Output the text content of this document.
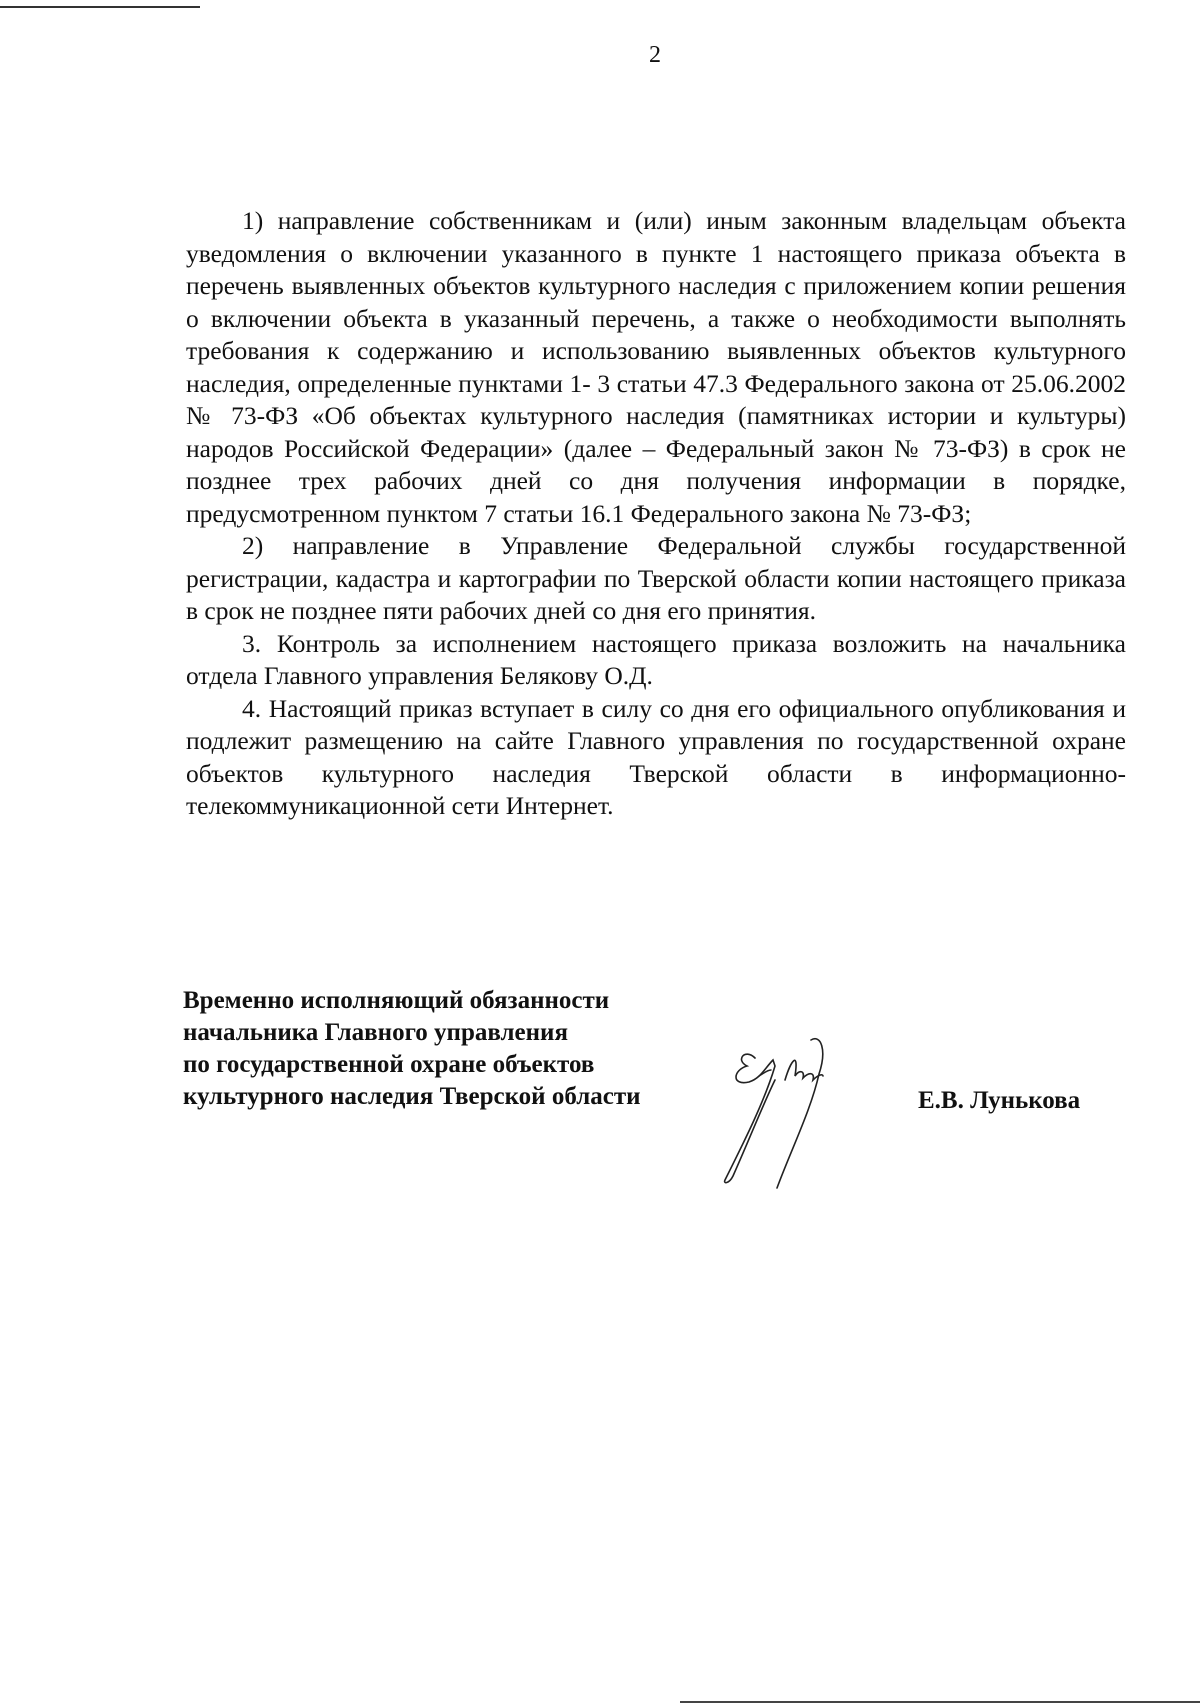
2

1) направление собственникам и (или) иным законным владельцам объекта уведомления о включении указанного в пункте 1 настоящего приказа объекта в перечень выявленных объектов культурного наследия с приложением копии решения о включении объекта в указанный перечень, а также о необходимости выполнять требования к содержанию и использованию выявленных объектов культурного наследия, определенные пунктами 1- 3 статьи 47.3 Федерального закона от 25.06.2002 № 73-ФЗ «Об объектах культурного наследия (памятниках истории и культуры) народов Российской Федерации» (далее – Федеральный закон № 73-ФЗ) в срок не позднее трех рабочих дней со дня получения информации в порядке, предусмотренном пунктом 7 статьи 16.1 Федерального закона № 73-ФЗ;

2) направление в Управление Федеральной службы государственной регистрации, кадастра и картографии по Тверской области копии настоящего приказа в срок не позднее пяти рабочих дней со дня его принятия.

3. Контроль за исполнением настоящего приказа возложить на начальника отдела Главного управления Белякову О.Д.

4. Настоящий приказ вступает в силу со дня его официального опубликования и подлежит размещению на сайте Главного управления по государственной охране объектов культурного наследия Тверской области в информационно-телекоммуникационной сети Интернет.

Временно исполняющий обязанности
начальника Главного управления
по государственной охране объектов
культурного наследия Тверской области	Е.В. Лунькова
